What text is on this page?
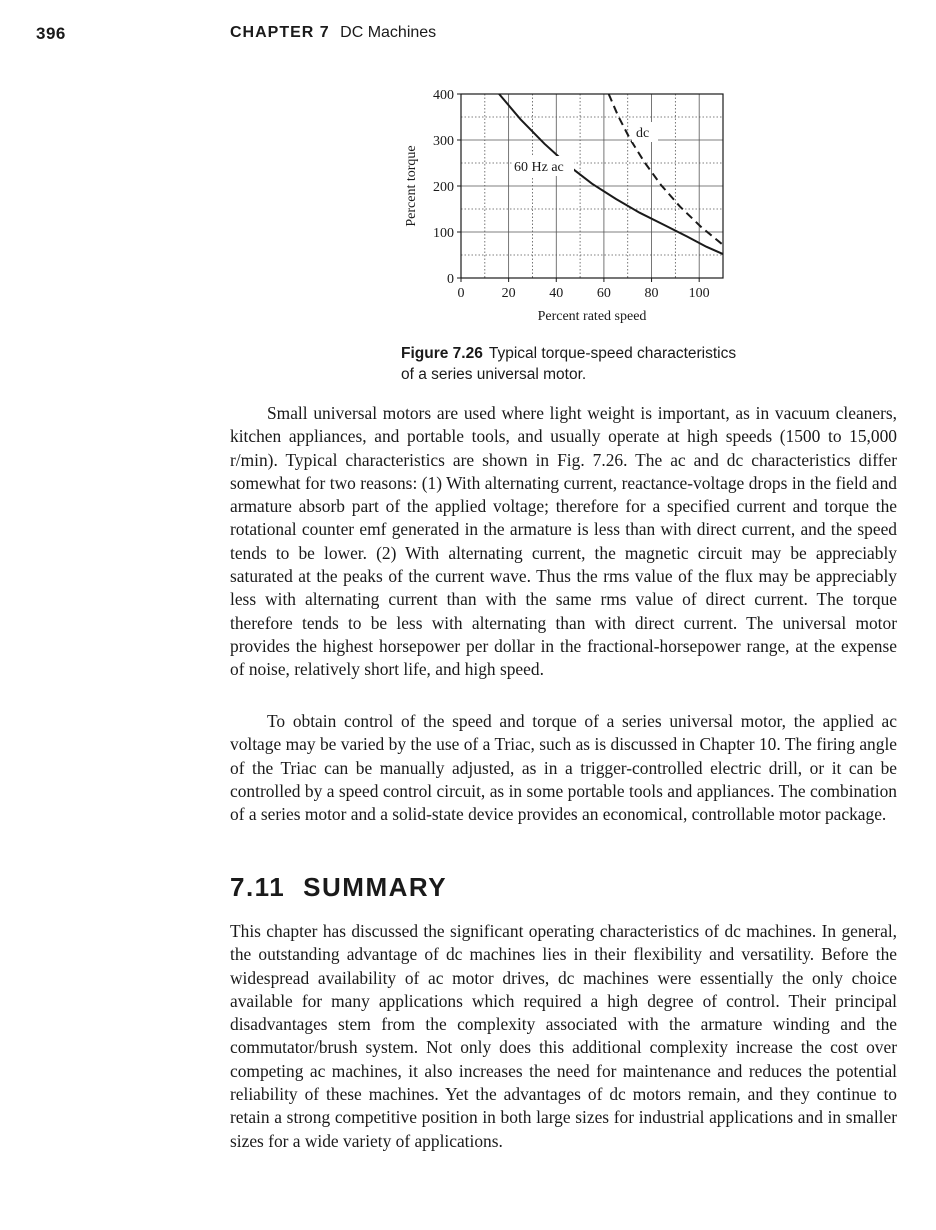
396	CHAPTER 7 DC Machines
0	20 40 60 80 100
0
100
200
300
400
60 Hz ac
dc
Percent rated speed
Percent torque
Figure 7.26 Typical torque-speed characteristics of a series universal motor.

Small universal motors are used where light weight is important, as in vacuum cleaners, kitchen appliances, and portable tools, and usually operate at high speeds (1500 to 15,000 r/min). Typical characteristics are shown in Fig. 7.26. The ac and dc characteristics differ somewhat for two reasons: (1) With alternating current, reactance-voltage drops in the field and armature absorb part of the applied voltage; therefore for a specified current and torque the rotational counter emf generated in the armature is less than with direct current, and the speed tends to be lower. (2) With alternating current, the magnetic circuit may be appreciably saturated at the peaks of the current wave. Thus the rms value of the flux may be appreciably less with alternating current than with the same rms value of direct current. The torque therefore tends to be less with alternating than with direct current. The universal motor provides the highest horsepower per dollar in the fractional-horsepower range, at the expense of noise, relatively short life, and high speed.

To obtain control of the speed and torque of a series universal motor, the applied ac voltage may be varied by the use of a Triac, such as is discussed in Chapter 10. The firing angle of the Triac can be manually adjusted, as in a trigger-controlled electric drill, or it can be controlled by a speed control circuit, as in some portable tools and appliances. The combination of a series motor and a solid-state device provides an economical, controllable motor package.

7.11 SUMMARY

This chapter has discussed the significant operating characteristics of dc machines. In general, the outstanding advantage of dc machines lies in their flexibility and versatility. Before the widespread availability of ac motor drives, dc machines were essentially the only choice available for many applications which required a high degree of control. Their principal disadvantages stem from the complexity associated with the armature winding and the commutator/brush system. Not only does this additional complexity increase the cost over competing ac machines, it also increases the need for maintenance and reduces the potential reliability of these machines. Yet the advantages of dc motors remain, and they continue to retain a strong competitive position in both large sizes for industrial applications and in smaller sizes for a wide variety of applications.
